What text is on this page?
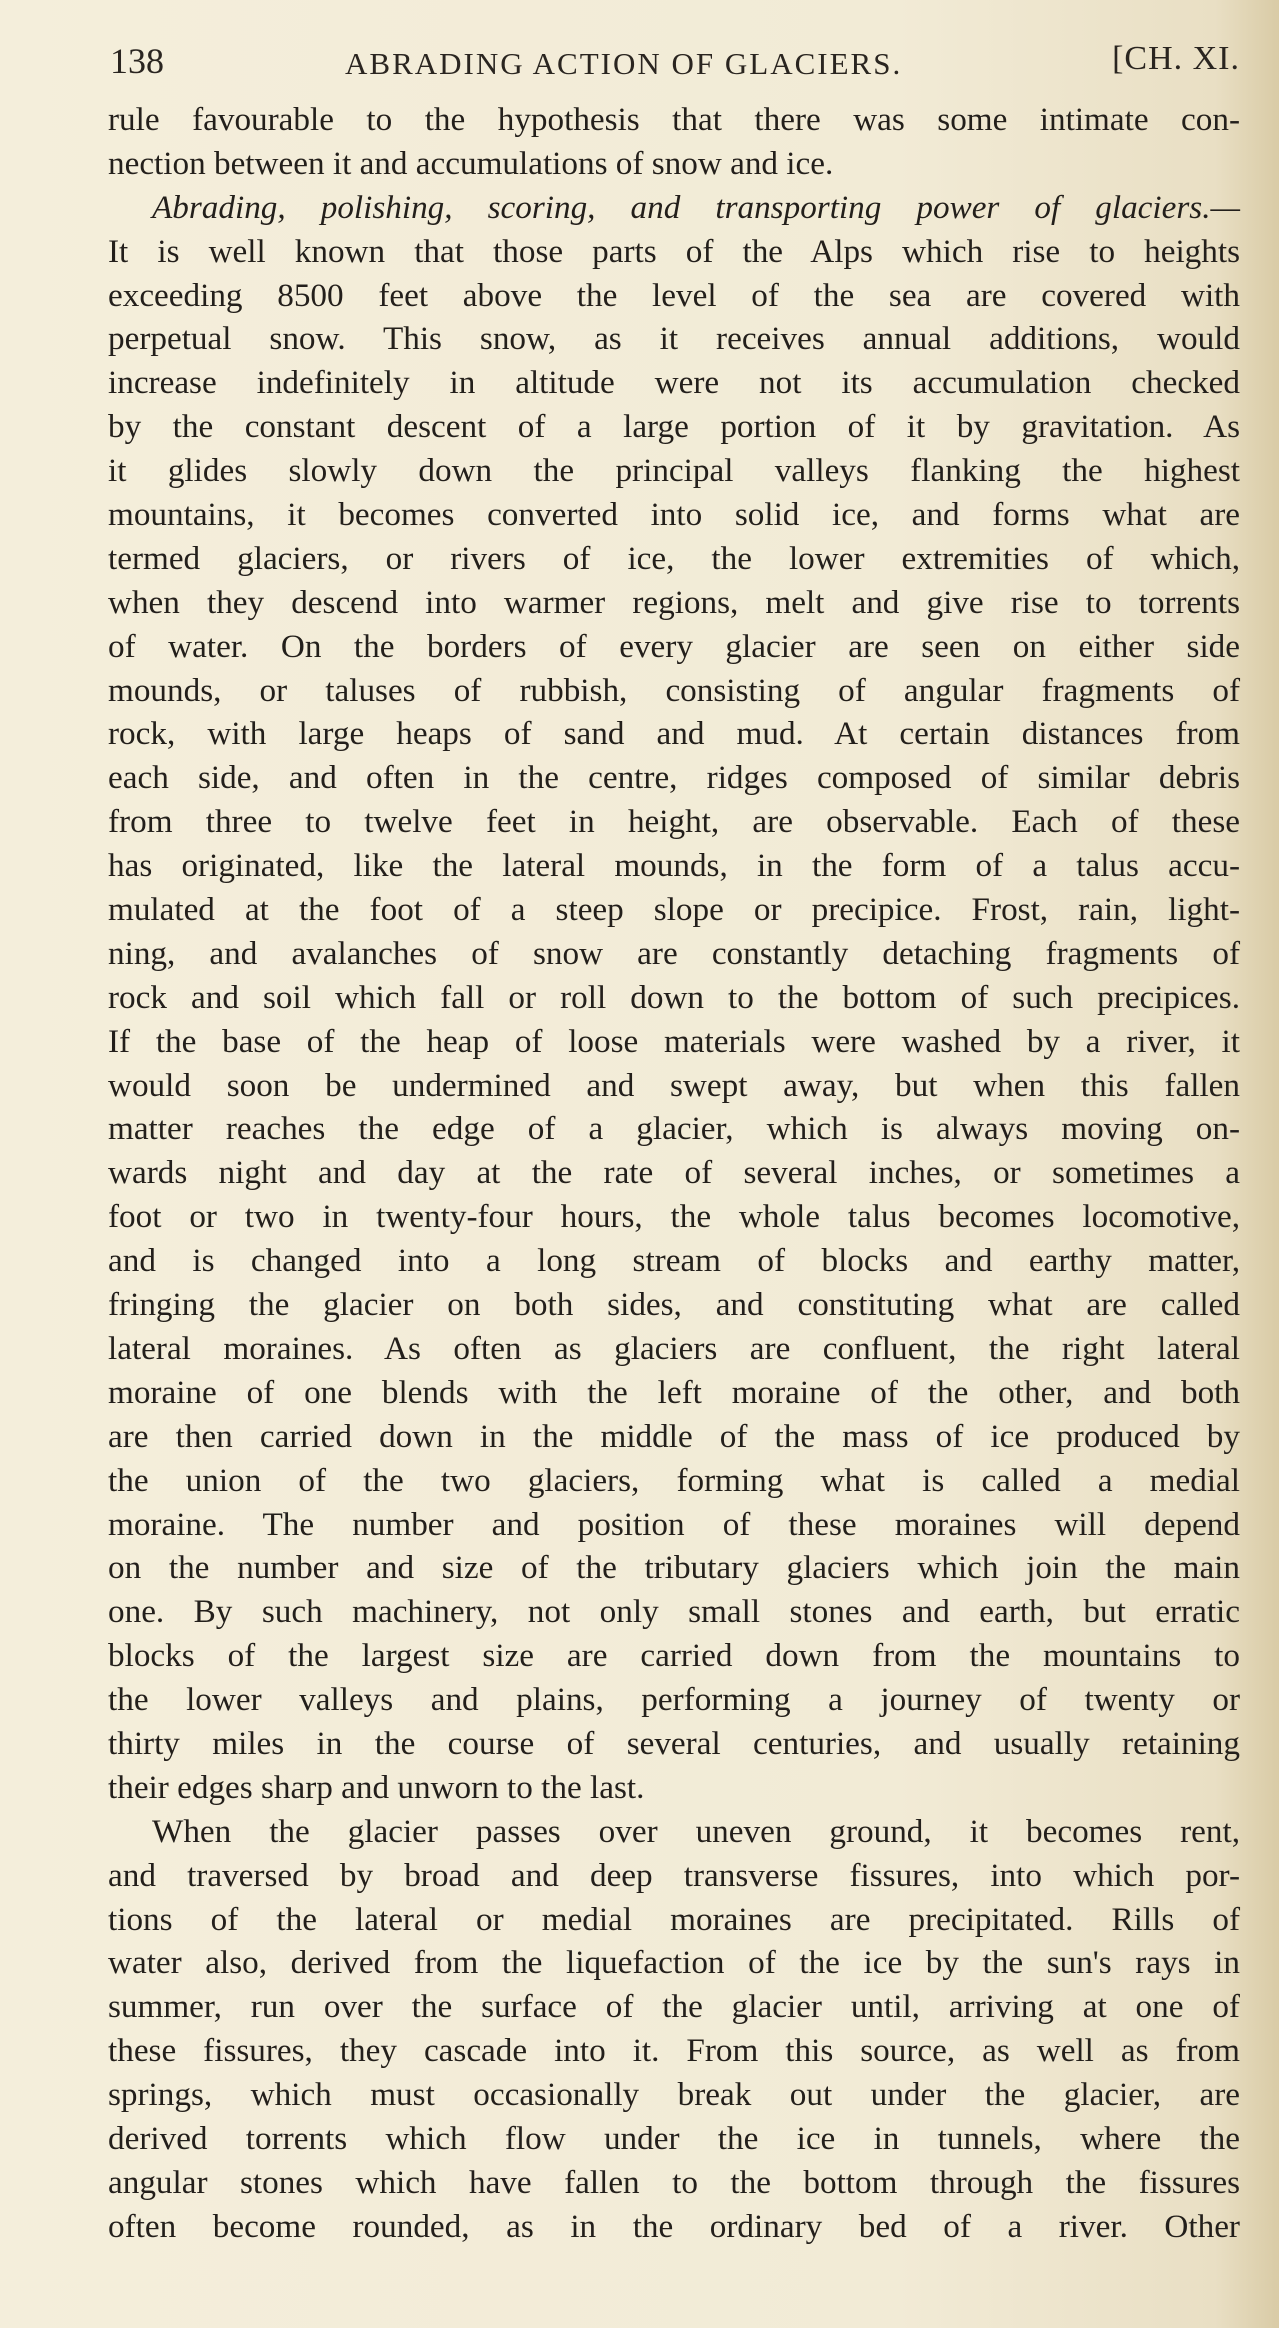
138	ABRADING ACTION OF GLACIERS.	[CH. XI.
rule favourable to the hypothesis that there was some intimate con-
nection between it and accumulations of snow and ice.
Abrading, polishing, scoring, and transporting power of glaciers.—
It is well known that those parts of the Alps which rise to heights
exceeding 8500 feet above the level of the sea are covered with
perpetual snow. This snow, as it receives annual additions, would
increase indefinitely in altitude were not its accumulation checked
by the constant descent of a large portion of it by gravitation. As
it glides slowly down the principal valleys flanking the highest
mountains, it becomes converted into solid ice, and forms what are
termed glaciers, or rivers of ice, the lower extremities of which,
when they descend into warmer regions, melt and give rise to torrents
of water. On the borders of every glacier are seen on either side
mounds, or taluses of rubbish, consisting of angular fragments of
rock, with large heaps of sand and mud. At certain distances from
each side, and often in the centre, ridges composed of similar debris
from three to twelve feet in height, are observable. Each of these
has originated, like the lateral mounds, in the form of a talus accu-
mulated at the foot of a steep slope or precipice. Frost, rain, light-
ning, and avalanches of snow are constantly detaching fragments of
rock and soil which fall or roll down to the bottom of such precipices.
If the base of the heap of loose materials were washed by a river, it
would soon be undermined and swept away, but when this fallen
matter reaches the edge of a glacier, which is always moving on-
wards night and day at the rate of several inches, or sometimes a
foot or two in twenty-four hours, the whole talus becomes locomotive,
and is changed into a long stream of blocks and earthy matter,
fringing the glacier on both sides, and constituting what are called
lateral moraines. As often as glaciers are confluent, the right lateral
moraine of one blends with the left moraine of the other, and both
are then carried down in the middle of the mass of ice produced by
the union of the two glaciers, forming what is called a medial
moraine. The number and position of these moraines will depend
on the number and size of the tributary glaciers which join the main
one. By such machinery, not only small stones and earth, but erratic
blocks of the largest size are carried down from the mountains to
the lower valleys and plains, performing a journey of twenty or
thirty miles in the course of several centuries, and usually retaining
their edges sharp and unworn to the last.
When the glacier passes over uneven ground, it becomes rent,
and traversed by broad and deep transverse fissures, into which por-
tions of the lateral or medial moraines are precipitated. Rills of
water also, derived from the liquefaction of the ice by the sun's rays in
summer, run over the surface of the glacier until, arriving at one of
these fissures, they cascade into it. From this source, as well as from
springs, which must occasionally break out under the glacier, are
derived torrents which flow under the ice in tunnels, where the
angular stones which have fallen to the bottom through the fissures
often become rounded, as in the ordinary bed of a river. Other
